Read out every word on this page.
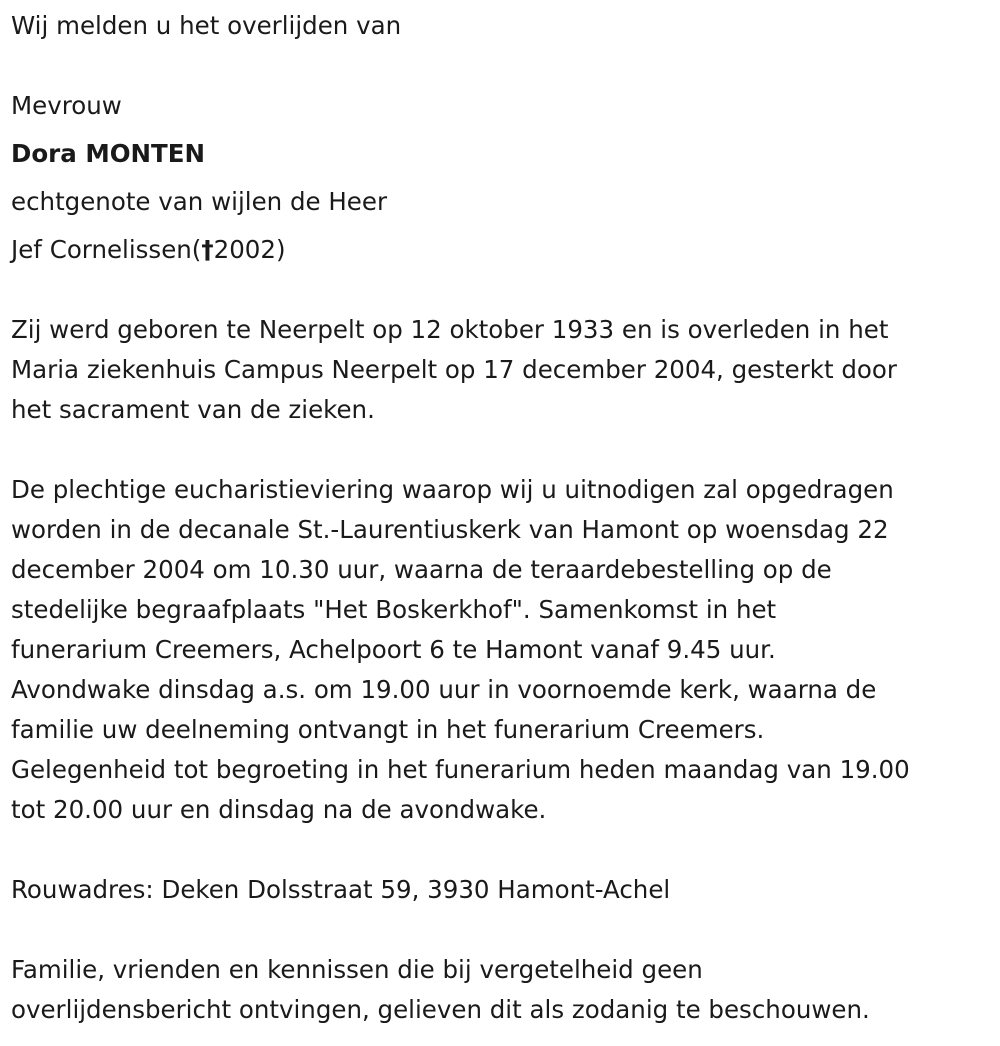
Wij melden u het overlijden van
Mevrouw
Dora MONTEN
echtgenote van wijlen de Heer
Jef Cornelissen(†2002)
Zij werd geboren te Neerpelt op 12 oktober 1933 en is overleden in het
Maria ziekenhuis Campus Neerpelt op 17 december 2004, gesterkt door
het sacrament van de zieken.
De plechtige eucharistieviering waarop wij u uitnodigen zal opgedragen
worden in de decanale St.-Laurentiuskerk van Hamont op woensdag 22
december 2004 om 10.30 uur, waarna de teraardebestelling op de
stedelijke begraafplaats "Het Boskerkhof". Samenkomst in het
funerarium Creemers, Achelpoort 6 te Hamont vanaf 9.45 uur.
Avondwake dinsdag a.s. om 19.00 uur in voornoemde kerk, waarna de
familie uw deelneming ontvangt in het funerarium Creemers.
Gelegenheid tot begroeting in het funerarium heden maandag van 19.00
tot 20.00 uur en dinsdag na de avondwake.
Rouwadres: Deken Dolsstraat 59, 3930 Hamont-Achel
Familie, vrienden en kennissen die bij vergetelheid geen
overlijdensbericht ontvingen, gelieven dit als zodanig te beschouwen.
